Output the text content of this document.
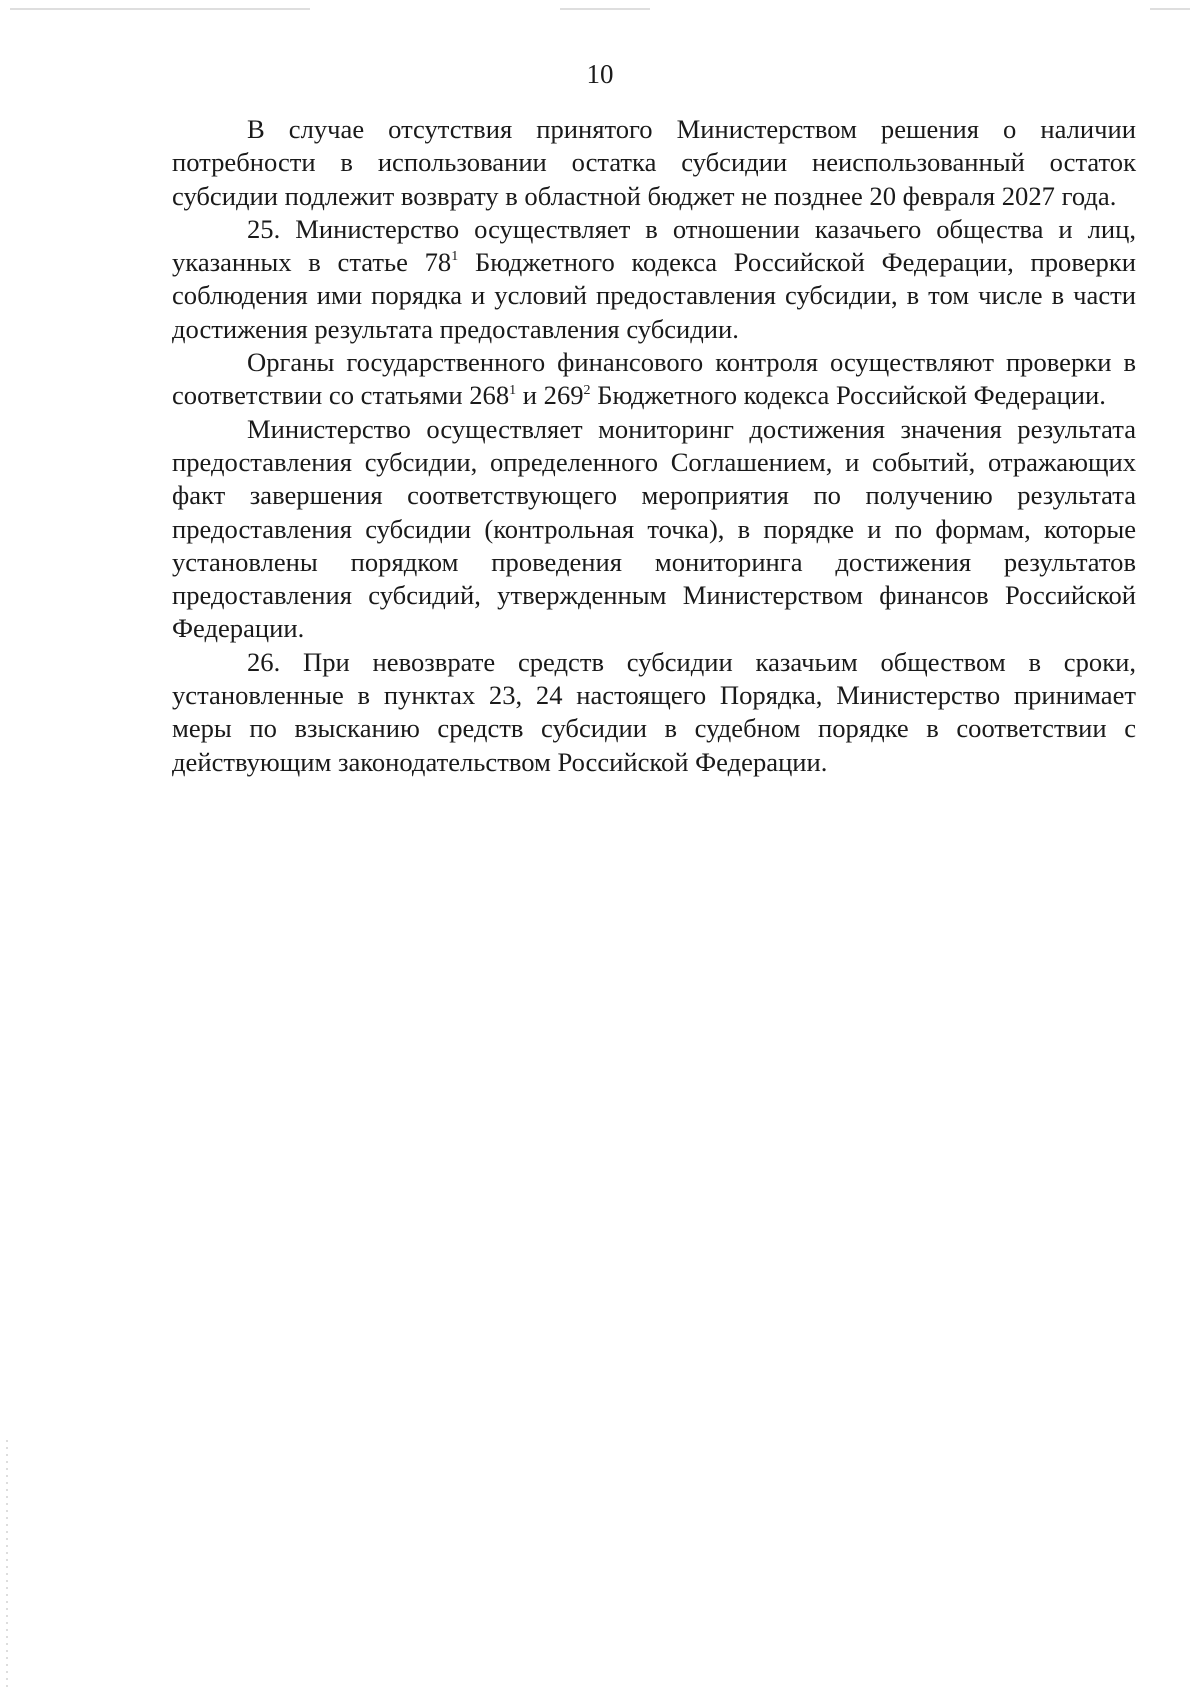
10

В случае отсутствия принятого Министерством решения о наличии потребности в использовании остатка субсидии неиспользованный остаток субсидии подлежит возврату в областной бюджет не позднее 20 февраля 2027 года.

25. Министерство осуществляет в отношении казачьего общества и лиц, указанных в статье $78^1$ Бюджетного кодекса Российской Федерации, проверки соблюдения ими порядка и условий предоставления субсидии, в том числе в части достижения результата предоставления субсидии.

Органы государственного финансового контроля осуществляют проверки в соответствии со статьями $268^1$ и $269^2$ Бюджетного кодекса Российской Федерации.

Министерство осуществляет мониторинг достижения значения результата предоставления субсидии, определенного Соглашением, и событий, отражающих факт завершения соответствующего мероприятия по получению результата предоставления субсидии (контрольная точка), в порядке и по формам, которые установлены порядком проведения мониторинга достижения результатов предоставления субсидий, утвержденным Министерством финансов Российской Федерации.

26. При невозврате средств субсидии казачьим обществом в сроки, установленные в пунктах 23, 24 настоящего Порядка, Министерство принимает меры по взысканию средств субсидии в судебном порядке в соответствии с действующим законодательством Российской Федерации.
